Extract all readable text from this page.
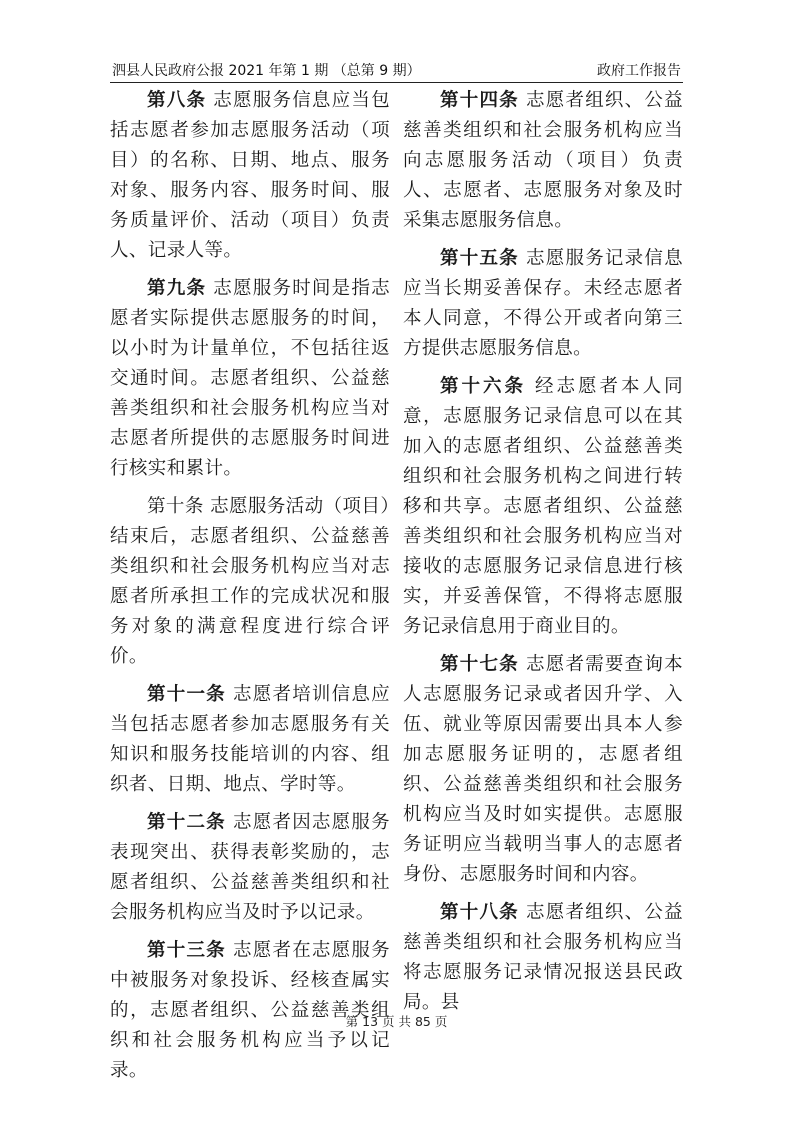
泗县人民政府公报 2021 年第 1 期 （总第 9 期）	政府工作报告

第八条 志愿服务信息应当包括志愿者参加志愿服务活动（项目）的名称、日期、地点、服务对象、服务内容、服务时间、服务质量评价、活动（项目）负责人、记录人等。

第九条 志愿服务时间是指志愿者实际提供志愿服务的时间，以小时为计量单位，不包括往返交通时间。志愿者组织、公益慈善类组织和社会服务机构应当对志愿者所提供的志愿服务时间进行核实和累计。

第十条 志愿服务活动（项目）结束后，志愿者组织、公益慈善类组织和社会服务机构应当对志愿者所承担工作的完成状况和服务对象的满意程度进行综合评价。

第十一条 志愿者培训信息应当包括志愿者参加志愿服务有关知识和服务技能培训的内容、组织者、日期、地点、学时等。

第十二条 志愿者因志愿服务表现突出、获得表彰奖励的，志愿者组织、公益慈善类组织和社会服务机构应当及时予以记录。

第十三条 志愿者在志愿服务中被服务对象投诉、经核查属实的，志愿者组织、公益慈善类组织和社会服务机构应当予以记录。

第十四条 志愿者组织、公益慈善类组织和社会服务机构应当向志愿服务活动（项目）负责人、志愿者、志愿服务对象及时采集志愿服务信息。

第十五条 志愿服务记录信息应当长期妥善保存。未经志愿者本人同意，不得公开或者向第三方提供志愿服务信息。

第十六条 经志愿者本人同意，志愿服务记录信息可以在其加入的志愿者组织、公益慈善类组织和社会服务机构之间进行转移和共享。志愿者组织、公益慈善类组织和社会服务机构应当对接收的志愿服务记录信息进行核实，并妥善保管，不得将志愿服务记录信息用于商业目的。

第十七条 志愿者需要查询本人志愿服务记录或者因升学、入伍、就业等原因需要出具本人参加志愿服务证明的，志愿者组织、公益慈善类组织和社会服务机构应当及时如实提供。志愿服务证明应当载明当事人的志愿者身份、志愿服务时间和内容。

第十八条 志愿者组织、公益慈善类组织和社会服务机构应当将志愿服务记录情况报送县民政局。县

第 13 页 共 85 页
